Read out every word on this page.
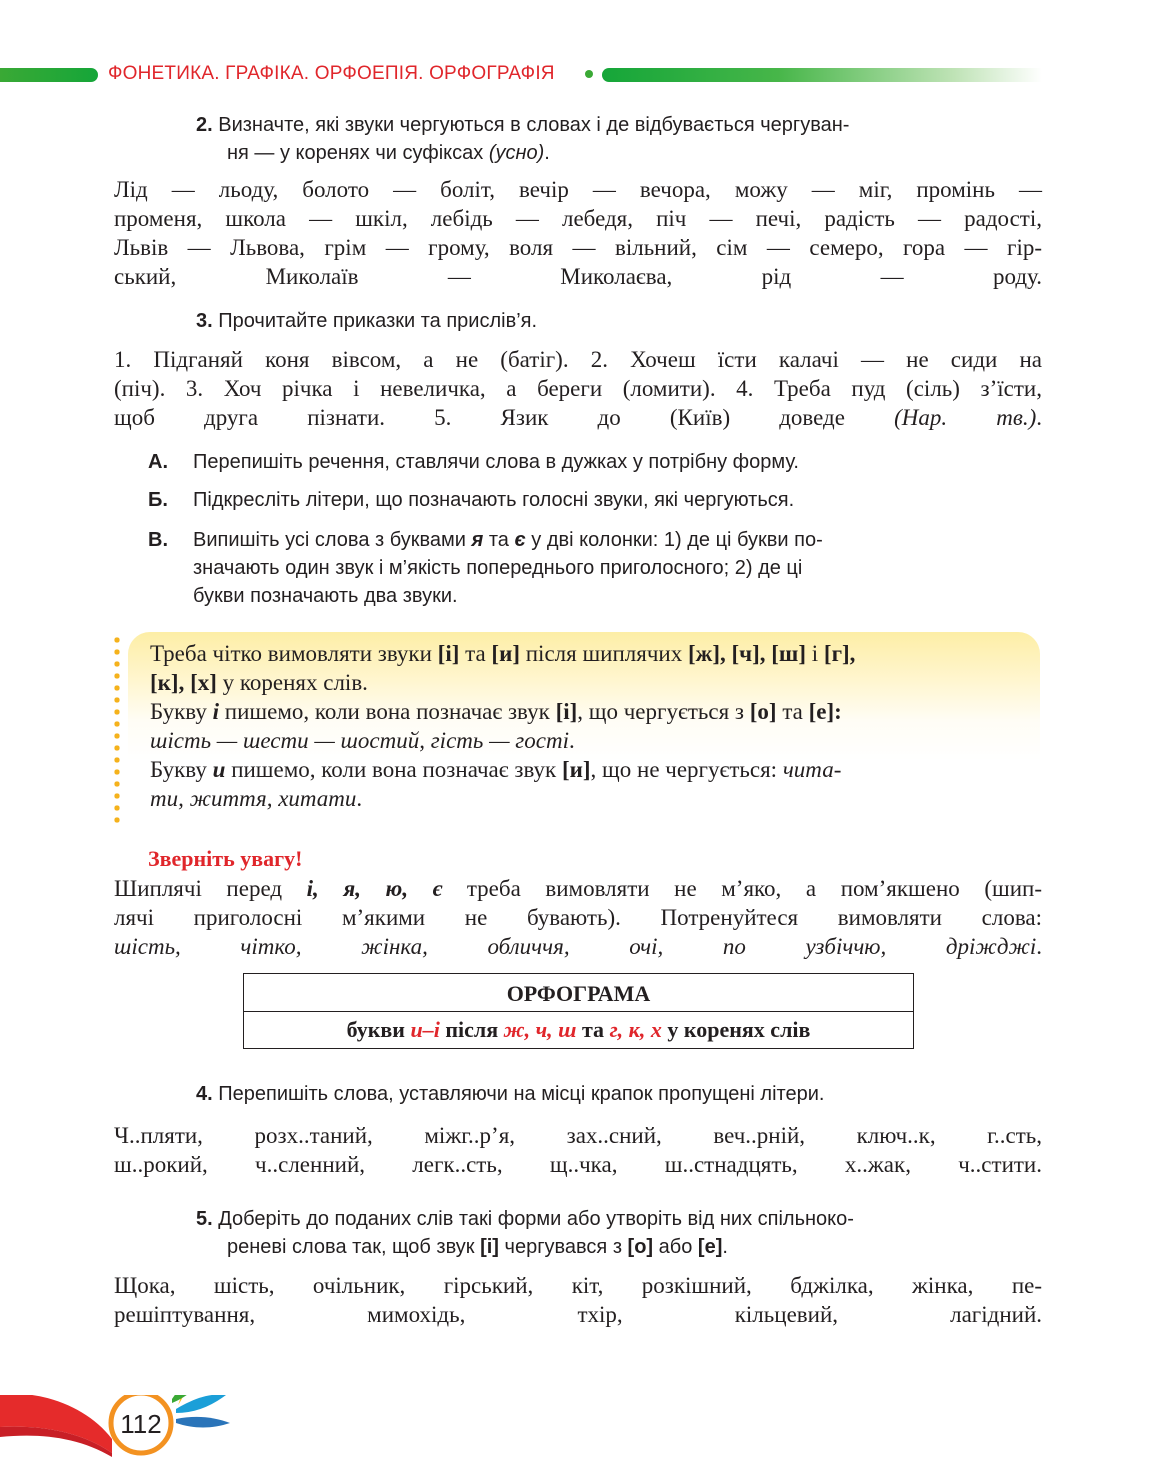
ФОНЕТИКА. ГРАФІКА. ОРФОЕПІЯ. ОРФОГРАФІЯ
2. Визначте, які звуки чергуються в словах і де відбувається чергуван-
ня — у коренях чи суфіксах (усно).
Лід — льоду, болото — боліт, вечір — вечора, можу — міг, промінь —
променя, школа — шкіл, лебідь — лебедя, піч — печі, радість — радості,
Львів — Львова, грім — грому, воля — вільний, сім — семеро, гора — гір-
ський, Миколаїв — Миколаєва, рід — роду.
3. Прочитайте приказки та прислів’я.
1. Підганяй коня вівсом, а не (батіг). 2. Хочеш їсти калачі — не сиди на
(піч). 3. Хоч річка і невеличка, а береги (ломити). 4. Треба пуд (сіль) з’їсти,
щоб друга пізнати. 5. Язик до (Київ) доведе (Нар. тв.).
А. Перепишіть речення, ставлячи слова в дужках у потрібну форму.
Б. Підкресліть літери, що позначають голосні звуки, які чергуються.
В. Випишіть усі слова з буквами я та є у дві колонки: 1) де ці букви по-
значають один звук і м’якість попереднього приголосного; 2) де ці
букви позначають два звуки.
Треба чітко вимовляти звуки [і] та [и] після шиплячих [ж], [ч], [ш] і [г],
[к], [х] у коренях слів.
Букву і пишемо, коли вона позначає звук [і], що чергується з [о] та [е]:
шість — шести — шостий, гість — гості.
Букву и пишемо, коли вона позначає звук [и], що не чергується: чита-
ти, життя, хитати.
Зверніть увагу!
Шиплячі перед і, я, ю, є треба вимовляти не м’яко, а пом’якшено (шип-
лячі приголосні м’якими не бувають). Потренуйтеся вимовляти слова:
шість, чітко, жінка, обличчя, очі, по узбіччю, дріжджі.
ОРФОГРАМА
букви и–і після ж, ч, ш та г, к, х у коренях слів
4. Перепишіть слова, уставляючи на місці крапок пропущені літери.
Ч..пляти, розх..таний, міжг..р’я, зах..сний, веч..рній, ключ..к, г..сть,
ш..рокий, ч..сленний, легк..сть, щ..чка, ш..стнадцять, х..жак, ч..стити.
5. Доберіть до поданих слів такі форми або утворіть від них спільноко-
реневі слова так, щоб звук [і] чергувався з [о] або [е].
Щока, шість, очільник, гірський, кіт, розкішний, бджілка, жінка, пе-
решіптування, мимохідь, тхір, кільцевий, лагідний.
112
